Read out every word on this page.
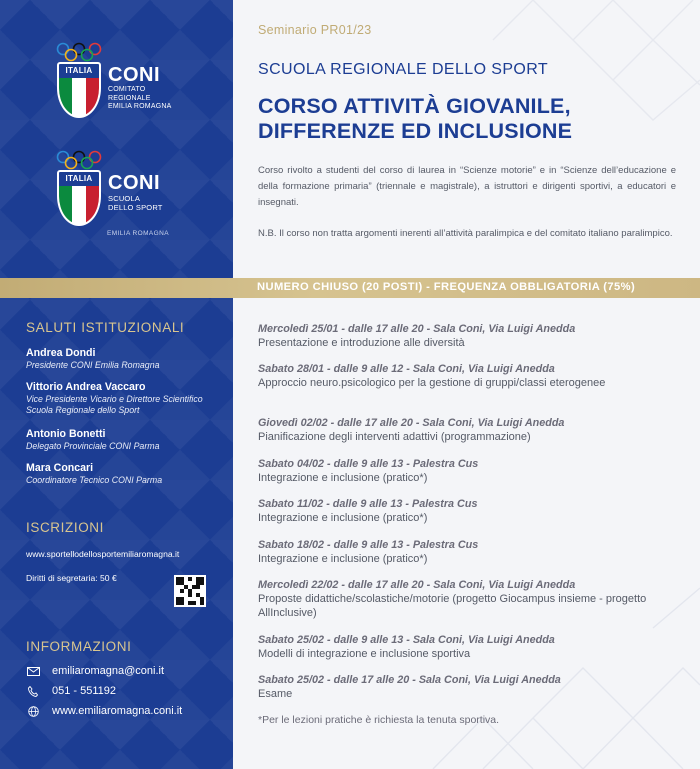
ITALIA CONI
COMITATO
REGIONALE
EMILIA ROMAGNA
ITALIA CONI
SCUOLA
DELLO SPORT
EMILIA ROMAGNA
Seminario PR01/23
SCUOLA REGIONALE DELLO SPORT
CORSO ATTIVITÀ GIOVANILE,
DIFFERENZE ED INCLUSIONE
Corso rivolto a studenti del corso di laurea in “Scienze motorie” e in “Scienze dell’educazione e della formazione primaria” (triennale e magistrale), a istruttori e dirigenti sportivi, a educatori e insegnati.
N.B. Il corso non tratta argomenti inerenti all’attività paralimpica e del comitato italiano paralimpico.
NUMERO CHIUSO (20 POSTI) - FREQUENZA OBBLIGATORIA (75%)
SALUTI ISTITUZIONALI
Andrea Dondi
Presidente CONI Emilia Romagna
Vittorio Andrea Vaccaro
Vice Presidente Vicario e Direttore Scientifico Scuola Regionale dello Sport
Antonio Bonetti
Delegato Provinciale CONI Parma
Mara Concari
Coordinatore Tecnico CONI Parma
ISCRIZIONI
www.sportellodellosportemiliaromagna.it
Diritti di segretaria: 50 €
INFORMAZIONI
emiliaromagna@coni.it
051 - 551192
www.emiliaromagna.coni.it
Mercoledì 25/01 - dalle 17 alle 20 - Sala Coni, Via Luigi Anedda
Presentazione e introduzione alle diversità
Sabato 28/01 - dalle 9 alle 12 - Sala Coni, Via Luigi Anedda
Approccio neuro.psicologico per la gestione di gruppi/classi eterogenee
Giovedì 02/02 - dalle 17 alle 20 - Sala Coni, Via Luigi Anedda
Pianificazione degli interventi adattivi (programmazione)
Sabato 04/02 - dalle 9 alle 13 - Palestra Cus
Integrazione e inclusione (pratico*)
Sabato 11/02 - dalle 9 alle 13 - Palestra Cus
Integrazione e inclusione (pratico*)
Sabato 18/02 - dalle 9 alle 13 - Palestra Cus
Integrazione e inclusione (pratico*)
Mercoledì 22/02 - dalle 17 alle 20 - Sala Coni, Via Luigi Anedda
Proposte didattiche/scolastiche/motorie (progetto Giocampus insieme - progetto AllInclusive)
Sabato 25/02 - dalle 9 alle 13 - Sala Coni, Via Luigi Anedda
Modelli di integrazione e inclusione sportiva
Sabato 25/02 - dalle 17 alle 20 - Sala Coni, Via Luigi Anedda
Esame
*Per le lezioni pratiche è richiesta la tenuta sportiva.
